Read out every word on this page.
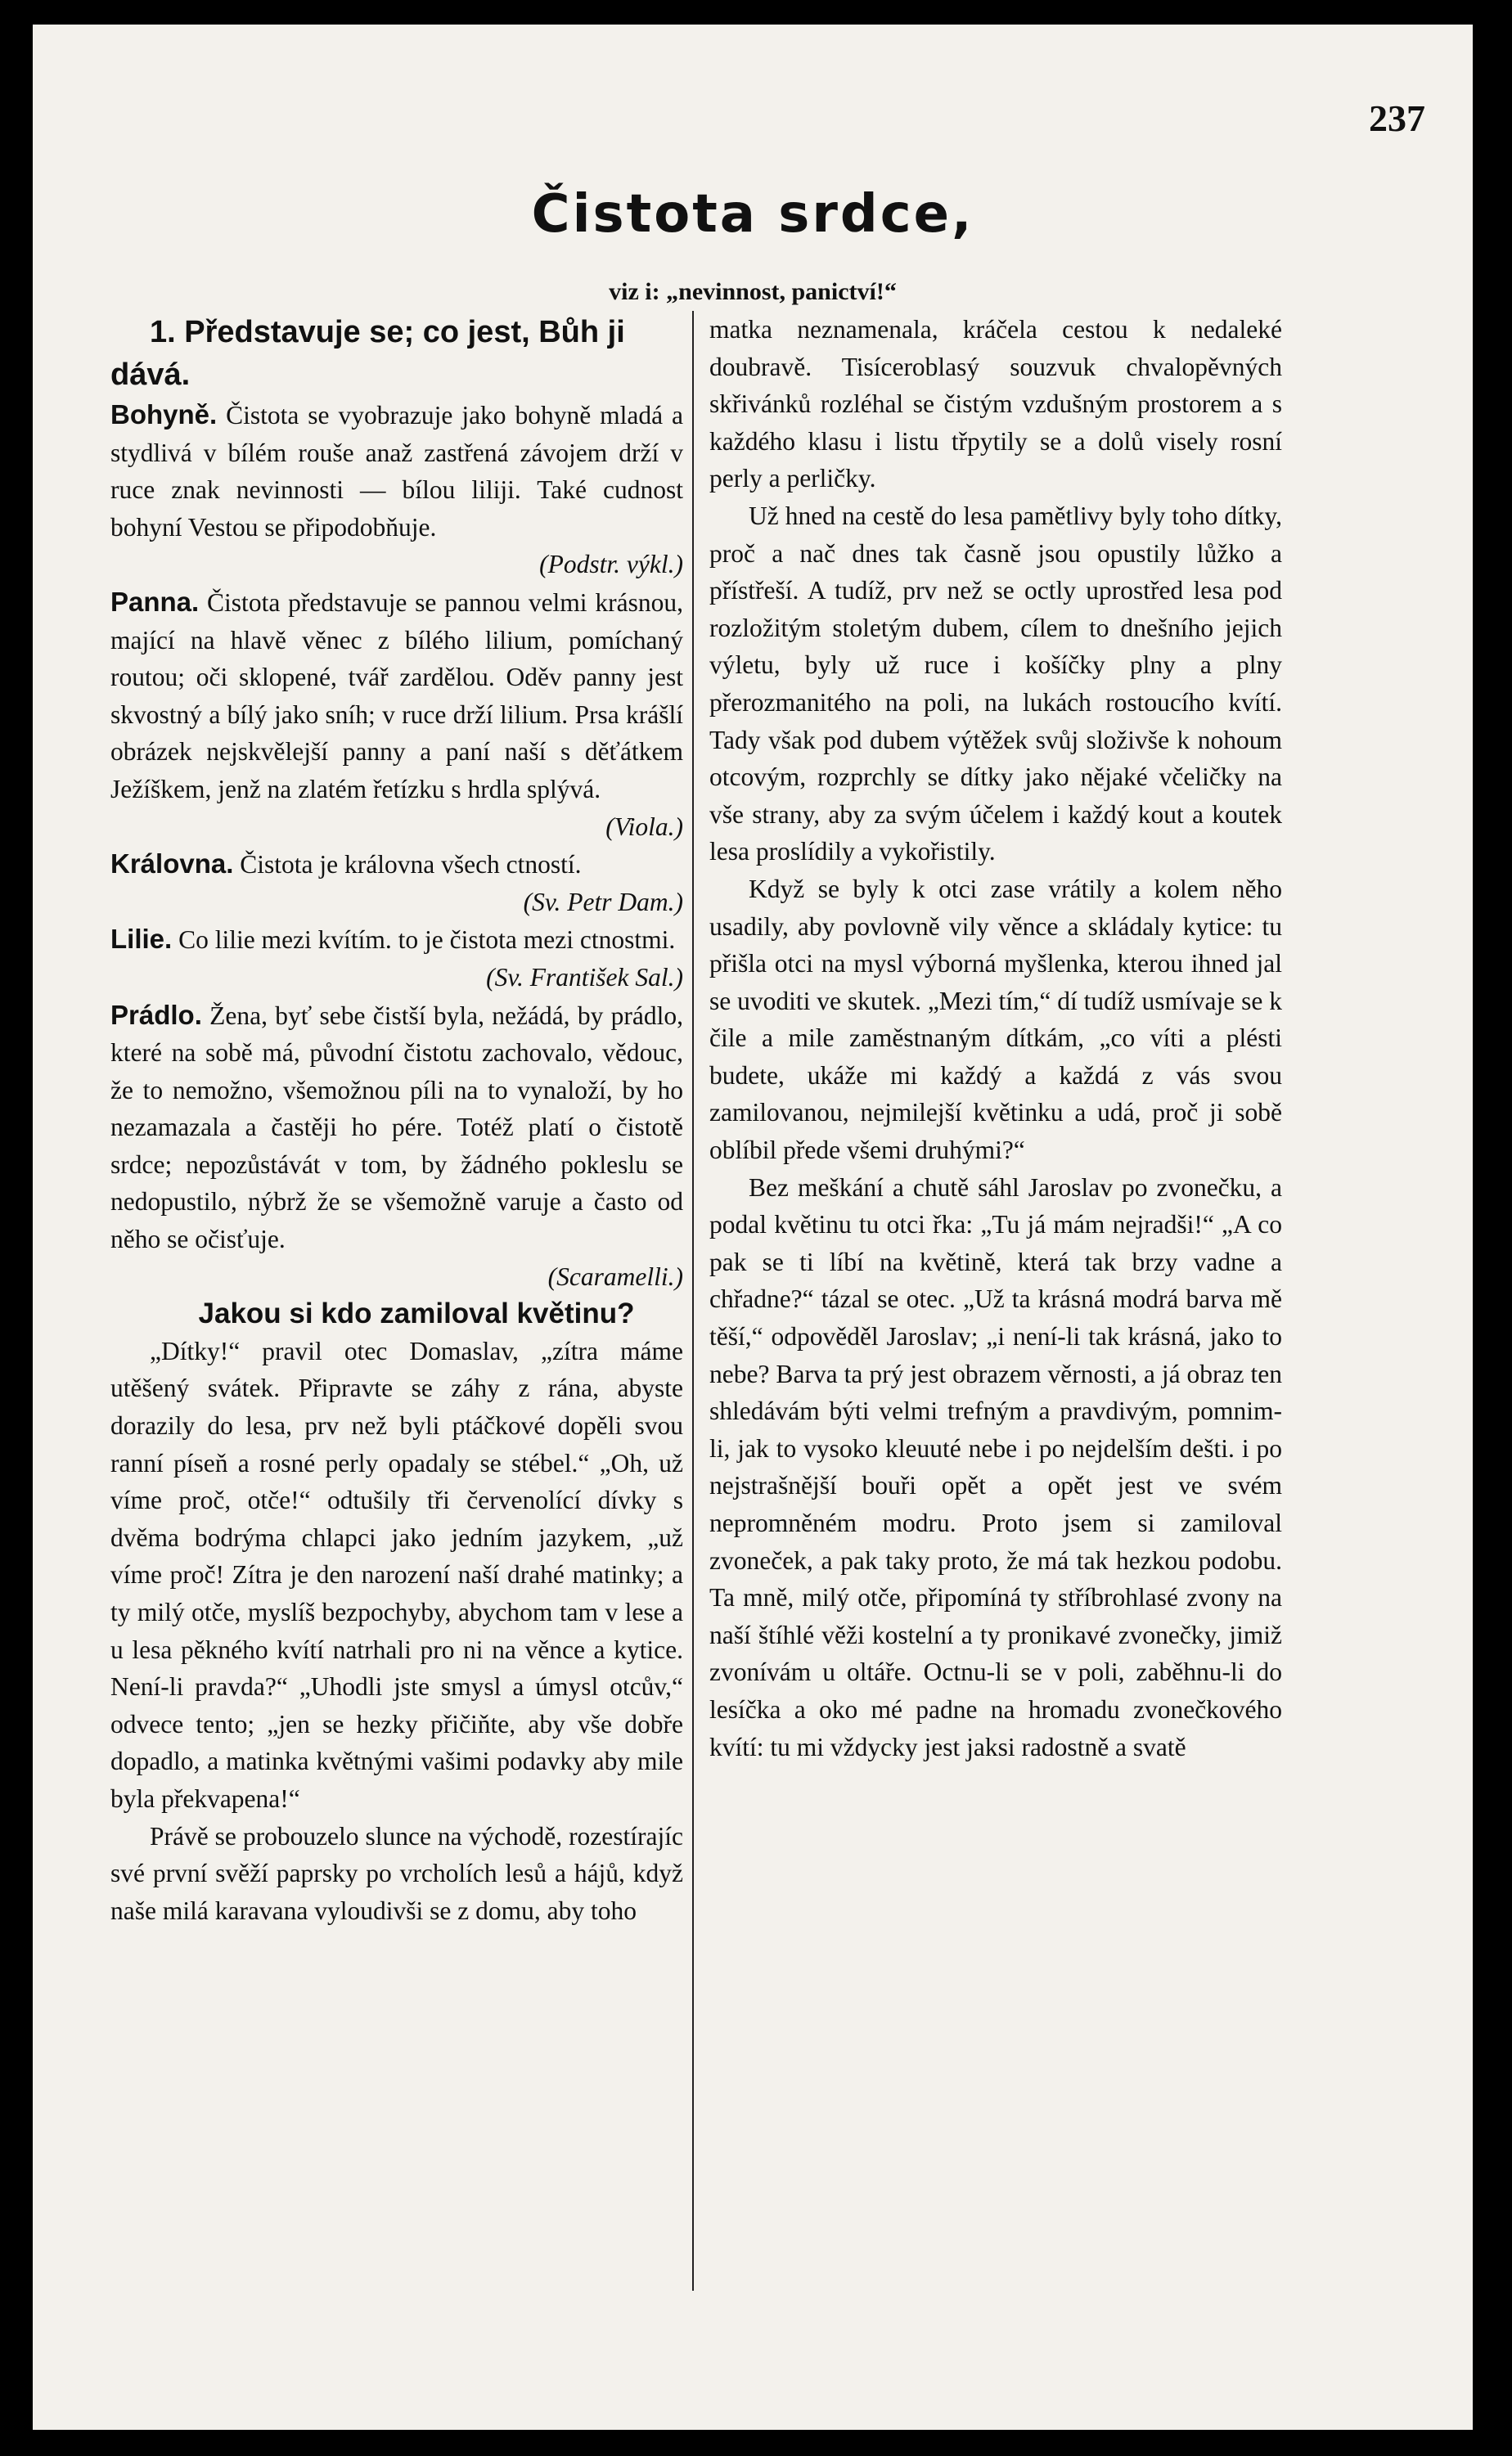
237
Čistota srdce,
viz i: „nevinnost, panictví!“

1. Představuje se; co jest, Bůh ji dává.

Bohyně. Čistota se vyobrazuje jako bohyně mladá a stydlivá v bílém rouše anaž zastřená závojem drží v ruce znak nevinnosti — bílou liliji. Také cudnost bohyní Vestou se připodobňuje.
(Podstr. výkl.)

Panna. Čistota představuje se pannou velmi krásnou, mající na hlavě věnec z bílého lilium, pomíchaný routou; oči sklopené, tvář zardělou. Oděv panny jest skvostný a bílý jako sníh; v ruce drží lilium. Prsa krášlí obrázek nejskvělejší panny a paní naší s děťátkem Ježíškem, jenž na zlatém řetízku s hrdla splývá.
(Viola.)

Královna. Čistota je královna všech ctností.
(Sv. Petr Dam.)

Lilie. Co lilie mezi kvítím. to je čistota mezi ctnostmi.
(Sv. František Sal.)

Prádlo. Žena, byť sebe čistší byla, nežádá, by prádlo, které na sobě má, původní čistotu zachovalo, vědouc, že to nemožno, všemožnou píli na to vynaloží, by ho nezamazala a častěji ho pére. Totéž platí o čistotě srdce; nepozůstávát v tom, by žádného pokleslu se nedopustilo, nýbrž že se všemožně varuje a často od něho se očisťuje.
(Scaramelli.)

Jakou si kdo zamiloval květinu?

„Dítky!“ pravil otec Domaslav, „zítra máme utěšený svátek. Připravte se záhy z rána, abyste dorazily do lesa, prv než byli ptáčkové dopěli svou ranní píseň a rosné perly opadaly se stébel.“ „Oh, už víme proč, otče!“ odtušily tři červenolící dívky s dvěma bodrýma chlapci jako jedním jazykem, „už víme proč! Zítra je den narození naší drahé matinky; a ty milý otče, myslíš bezpochyby, abychom tam v lese a u lesa pěkného kvítí natrhali pro ni na věnce a kytice. Není-li pravda?“ „Uhodli jste smysl a úmysl otcův,“ odvece tento; „jen se hezky přičiňte, aby vše dobře dopadlo, a matinka květnými vašimi podavky aby mile byla překvapena!“

Právě se probouzelo slunce na východě, rozestírajíc své první svěží paprsky po vrcholích lesů a hájů, když naše milá karavana vyloudivši se z domu, aby toho

matka neznamenala, kráčela cestou k nedaleké doubravě. Tisíceroblasý souzvuk chvalopěvných skřivánků rozléhal se čistým vzdušným prostorem a s každého klasu i listu třpytily se a dolů visely rosní perly a perličky.

Už hned na cestě do lesa pamětlivy byly toho dítky, proč a nač dnes tak časně jsou opustily lůžko a přístřeší. A tudíž, prv než se octly uprostřed lesa pod rozložitým stoletým dubem, cílem to dnešního jejich výletu, byly už ruce i košíčky plny a plny přerozmanitého na poli, na lukách rostoucího kvítí. Tady však pod dubem výtěžek svůj složivše k nohoum otcovým, rozprchly se dítky jako nějaké včeličky na vše strany, aby za svým účelem i každý kout a koutek lesa proslídily a vykořistily.

Když se byly k otci zase vrátily a kolem něho usadily, aby povlovně vily věnce a skládaly kytice: tu přišla otci na mysl výborná myšlenka, kterou ihned jal se uvoditi ve skutek. „Mezi tím,“ dí tudíž usmívaje se k čile a mile zaměstnaným dítkám, „co víti a plésti budete, ukáže mi každý a každá z vás svou zamilovanou, nejmilejší květinku a udá, proč ji sobě oblíbil přede všemi druhými?“

Bez meškání a chutě sáhl Jaroslav po zvonečku, a podal květinu tu otci řka: „Tu já mám nejradši!“ „A co pak se ti líbí na květině, která tak brzy vadne a chřadne?“ tázal se otec. „Už ta krásná modrá barva mě těší,“ odpověděl Jaroslav; „i není-li tak krásná, jako to nebe? Barva ta prý jest obrazem věrnosti, a já obraz ten shledávám býti velmi trefným a pravdivým, pomnim-li, jak to vysoko kleuuté nebe i po nejdelším dešti. i po nejstrašnější bouři opět a opět jest ve svém nepromněném modru. Proto jsem si zamiloval zvoneček, a pak taky proto, že má tak hezkou podobu. Ta mně, milý otče, připomíná ty stříbrohlasé zvony na naší štíhlé věži kostelní a ty pronikavé zvonečky, jimiž zvonívám u oltáře. Octnu-li se v poli, zaběhnu-li do lesíčka a oko mé padne na hromadu zvonečkového kvítí: tu mi vždycky jest jaksi radostně a svatě
